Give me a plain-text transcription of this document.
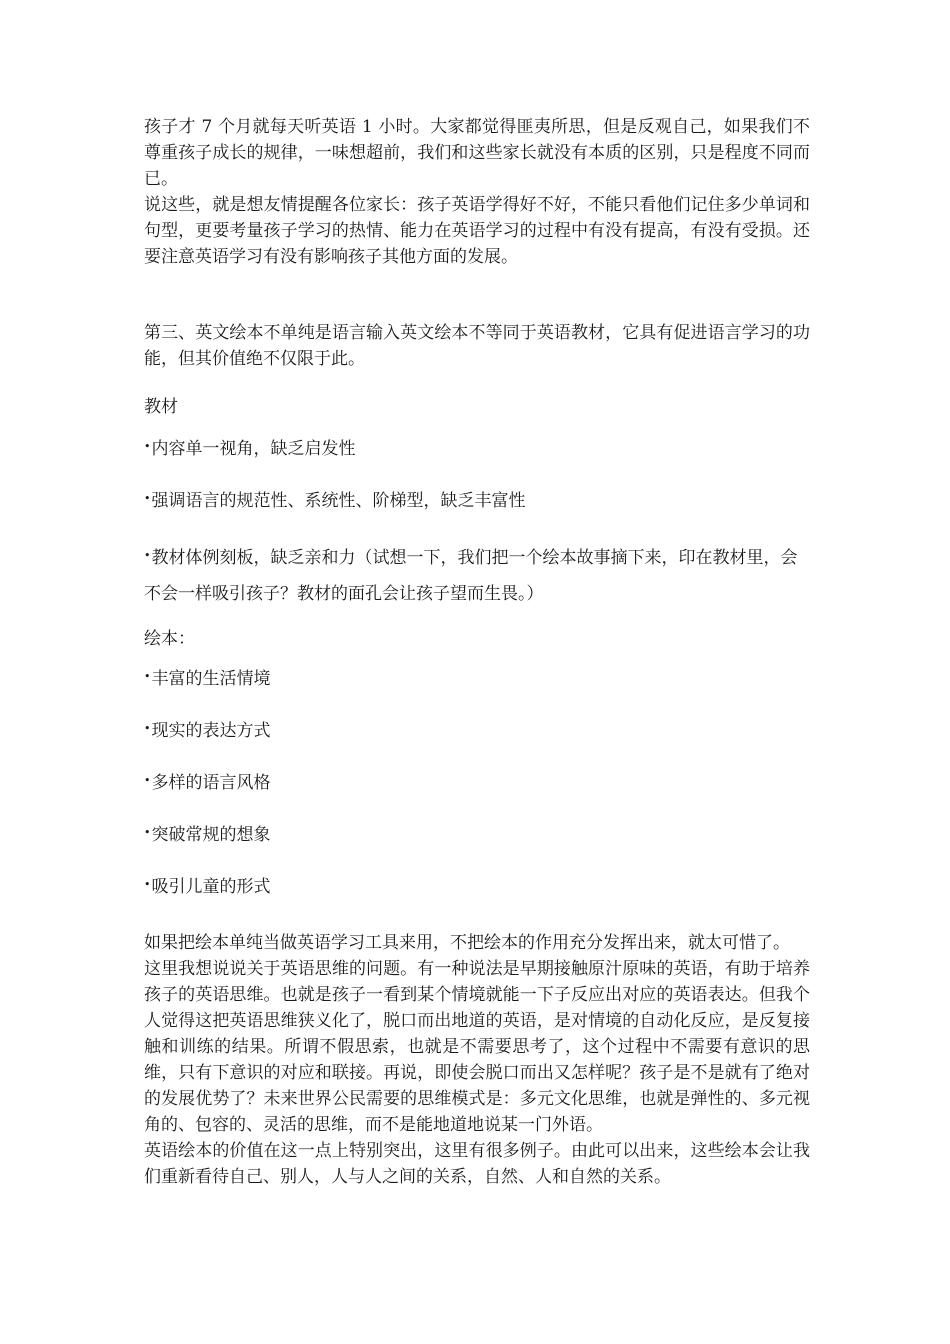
孩子才 7 个月就每天听英语 1 小时。大家都觉得匪夷所思，但是反观自己，如果我们不尊重孩子成长的规律，一味想超前，我们和这些家长就没有本质的区别，只是程度不同而已。

说这些，就是想友情提醒各位家长：孩子英语学得好不好，不能只看他们记住多少单词和句型，更要考量孩子学习的热情、能力在英语学习的过程中有没有提高，有没有受损。还要注意英语学习有没有影响孩子其他方面的发展。

第三、英文绘本不单纯是语言输入英文绘本不等同于英语教材，它具有促进语言学习的功能，但其价值绝不仅限于此。

教材

•内容单一视角，缺乏启发性
•强调语言的规范性、系统性、阶梯型，缺乏丰富性
•教材体例刻板，缺乏亲和力（试想一下，我们把一个绘本故事摘下来，印在教材里，会不会一样吸引孩子？教材的面孔会让孩子望而生畏。）

绘本：

•丰富的生活情境
•现实的表达方式
•多样的语言风格
•突破常规的想象
•吸引儿童的形式

如果把绘本单纯当做英语学习工具来用，不把绘本的作用充分发挥出来，就太可惜了。

这里我想说说关于英语思维的问题。有一种说法是早期接触原汁原味的英语，有助于培养孩子的英语思维。也就是孩子一看到某个情境就能一下子反应出对应的英语表达。但我个人觉得这把英语思维狭义化了，脱口而出地道的英语，是对情境的自动化反应，是反复接触和训练的结果。所谓不假思索，也就是不需要思考了，这个过程中不需要有意识的思维，只有下意识的对应和联接。再说，即使会脱口而出又怎样呢？孩子是不是就有了绝对的发展优势了？未来世界公民需要的思维模式是：多元文化思维，也就是弹性的、多元视角的、包容的、灵活的思维，而不是能地道地说某一门外语。

英语绘本的价值在这一点上特别突出，这里有很多例子。由此可以出来，这些绘本会让我们重新看待自己、别人，人与人之间的关系，自然、人和自然的关系。
